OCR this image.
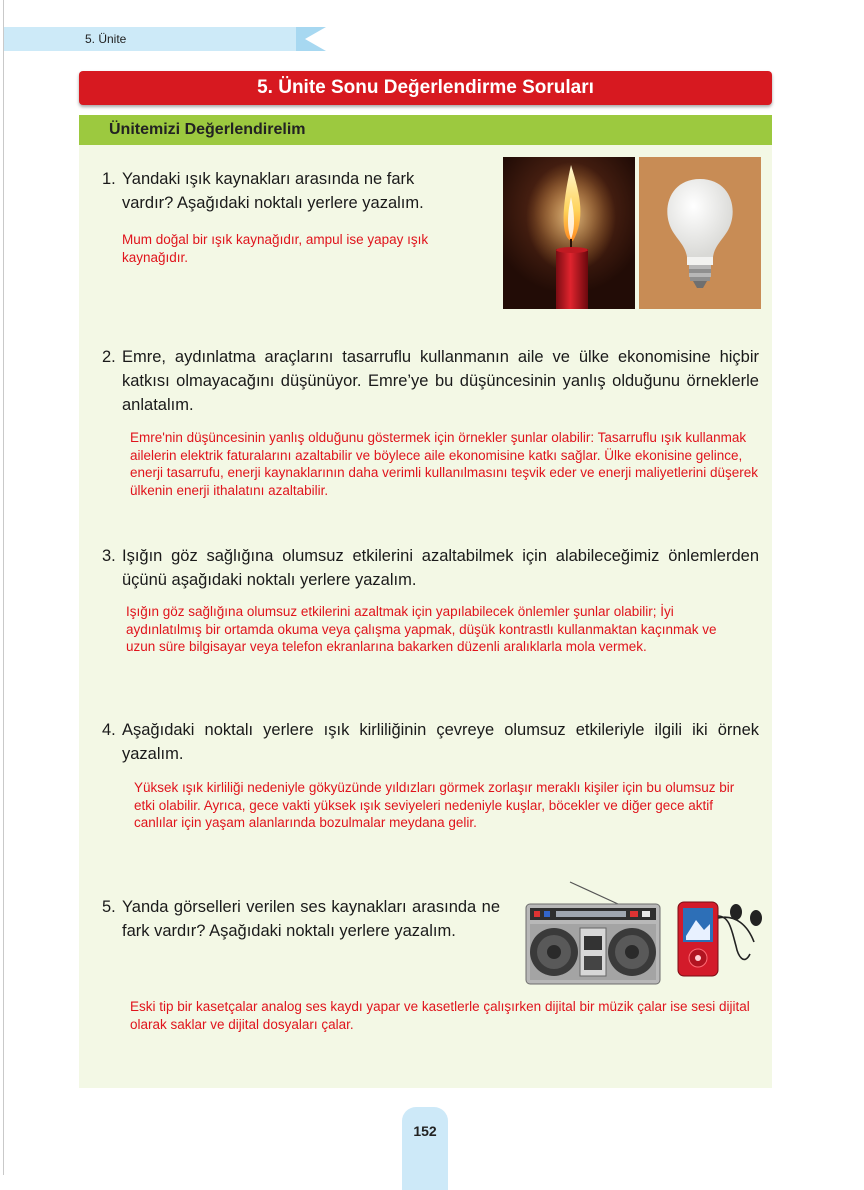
5. Ünite
5. Ünite Sonu Değerlendirme Soruları
Ünitemizi Değerlendirelim
1. Yandaki ışık kaynakları arasında ne fark vardır? Aşağıdaki noktalı yerlere yazalım.
Mum doğal bir ışık kaynağıdır, ampul ise yapay ışık kaynağıdır.
2. Emre, aydınlatma araçlarını tasarruflu kullanmanın aile ve ülke ekonomisine hiçbir katkısı olmayacağını düşünüyor. Emre’ye bu düşüncesinin yanlış olduğunu örneklerle anlatalım.
Emre'nin düşüncesinin yanlış olduğunu göstermek için örnekler şunlar olabilir: Tasarruflu ışık kullanmak ailelerin elektrik faturalarını azaltabilir ve böylece aile ekonomisine katkı sağlar. Ülke ekonisine gelince, enerji tasarrufu, enerji kaynaklarının daha verimli kullanılmasını teşvik eder ve enerji maliyetlerini düşerek ülkenin enerji ithalatını azaltabilir.
3. Işığın göz sağlığına olumsuz etkilerini azaltabilmek için alabileceğimiz önlemlerden üçünü aşağıdaki noktalı yerlere yazalım.
Işığın göz sağlığına olumsuz etkilerini azaltmak için yapılabilecek önlemler şunlar olabilir; İyi aydınlatılmış bir ortamda okuma veya çalışma yapmak, düşük kontrastlı kullanmaktan kaçınmak ve uzun süre bilgisayar veya telefon ekranlarına bakarken düzenli aralıklarla mola vermek.
4. Aşağıdaki noktalı yerlere ışık kirliliğinin çevreye olumsuz etkileriyle ilgili iki örnek yazalım.
Yüksek ışık kirliliği nedeniyle gökyüzünde yıldızları görmek zorlaşır meraklı kişiler için bu olumsuz bir etki olabilir. Ayrıca, gece vakti yüksek ışık seviyeleri nedeniyle kuşlar, böcekler ve diğer gece aktif canlılar için yaşam alanlarında bozulmalar meydana gelir.
5. Yanda görselleri verilen ses kaynakları arasında ne fark vardır? Aşağıdaki noktalı yerlere yazalım.
Eski tip bir kasetçalar analog ses kaydı yapar ve kasetlerle çalışırken dijital bir müzik çalar ise sesi dijital olarak saklar ve dijital dosyaları çalar.
152
